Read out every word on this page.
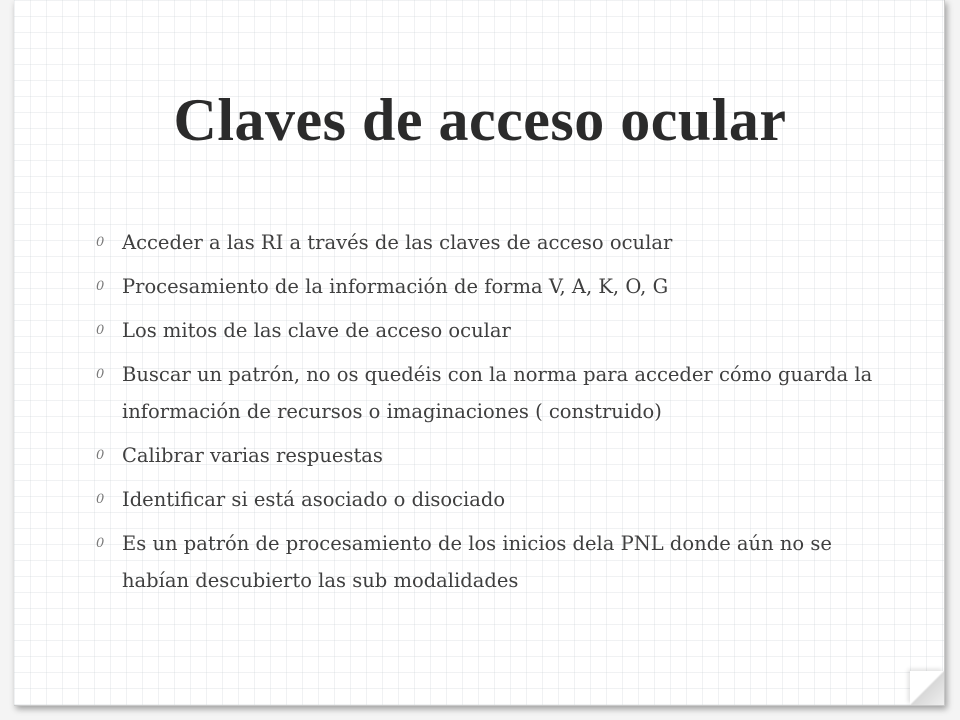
Claves de acceso ocular
0 Acceder a las RI a través de las claves de acceso ocular
0 Procesamiento de la información de forma V, A, K, O, G
0 Los mitos de las clave de acceso ocular
0 Buscar un patrón, no os quedéis con la norma para acceder cómo guarda la información de recursos o imaginaciones ( construido)
0 Calibrar varias respuestas
0 Identificar si está asociado o disociado
0 Es un patrón de procesamiento de los inicios dela PNL donde aún no se habían descubierto las sub modalidades
